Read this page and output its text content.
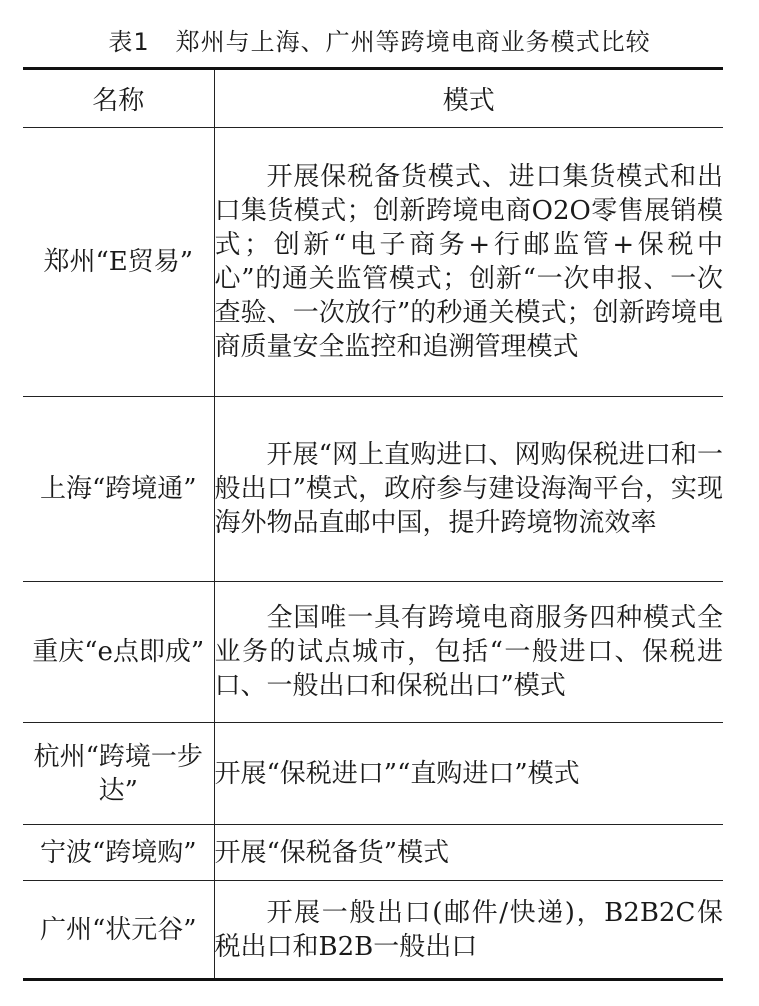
表1 郑州与上海、广州等跨境电商业务模式比较
名称	模式
郑州“E贸易”	开展保税备货模式、进口集货模式和出口集货模式；创新跨境电商O2O零售展销模式；创新“电子商务+行邮监管+保税中心”的通关监管模式；创新“一次申报、一次查验、一次放行”的秒通关模式；创新跨境电商质量安全监控和追溯管理模式
上海“跨境通”	开展“网上直购进口、网购保税进口和一般出口”模式，政府参与建设海淘平台，实现海外物品直邮中国，提升跨境物流效率
重庆“e点即成”	全国唯一具有跨境电商服务四种模式全业务的试点城市，包括“一般进口、保税进口、一般出口和保税出口”模式
杭州“跨境一步达”	开展“保税进口”“直购进口”模式
宁波“跨境购”	开展“保税备货”模式
广州“状元谷”	开展一般出口(邮件/快递)，B2B2C保税出口和B2B一般出口
